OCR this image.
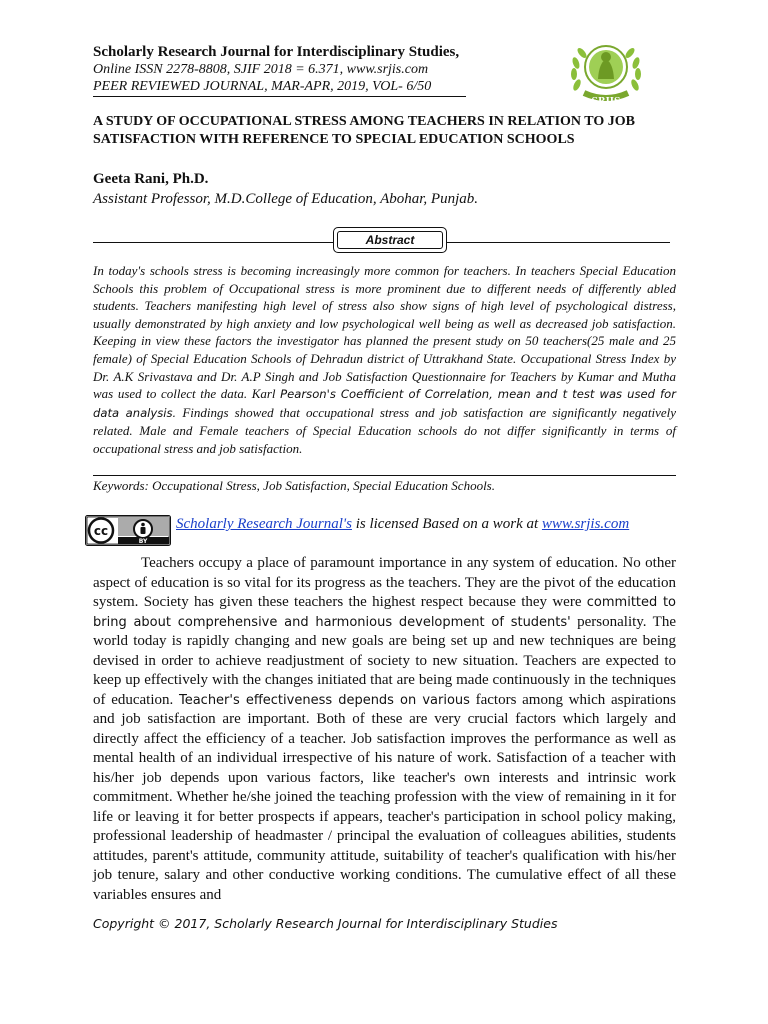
Scholarly Research Journal for Interdisciplinary Studies,
Online ISSN 2278-8808, SJIF 2018 = 6.371, www.srjis.com
PEER REVIEWED JOURNAL, MAR-APR, 2019, VOL- 6/50
SRJIS
A STUDY OF OCCUPATIONAL STRESS AMONG TEACHERS IN RELATION TO JOB SATISFACTION WITH REFERENCE TO SPECIAL EDUCATION SCHOOLS
Geeta Rani, Ph.D.
Assistant Professor, M.D.College of Education, Abohar, Punjab.
Abstract
In today's schools stress is becoming increasingly more common for teachers. In teachers Special Education Schools this problem of Occupational stress is more prominent due to different needs of differently abled students. Teachers manifesting high level of stress also show signs of high level of psychological distress, usually demonstrated by high anxiety and low psychological well being as well as decreased job satisfaction. Keeping in view these factors the investigator has planned the present study on 50 teachers(25 male and 25 female) of Special Education Schools of Dehradun district of Uttrakhand State. Occupational Stress Index by Dr. A.K Srivastava and Dr. A.P Singh and Job Satisfaction Questionnaire for Teachers by Kumar and Mutha was used to collect the data. Karl Pearson's Coefficient of Correlation, mean and t test was used for data analysis. Findings showed that occupational stress and job satisfaction are significantly negatively related. Male and Female teachers of Special Education schools do not differ significantly in terms of occupational stress and job satisfaction.
Keywords: Occupational Stress, Job Satisfaction, Special Education Schools.
cc
BY
Scholarly Research Journal's is licensed Based on a work at www.srjis.com
Teachers occupy a place of paramount importance in any system of education. No other aspect of education is so vital for its progress as the teachers. They are the pivot of the education system. Society has given these teachers the highest respect because they were committed to bring about comprehensive and harmonious development of students' personality. The world today is rapidly changing and new goals are being set up and new techniques are being devised in order to achieve readjustment of society to new situation. Teachers are expected to keep up effectively with the changes initiated that are being made continuously in the techniques of education. Teacher's effectiveness depends on various factors among which aspirations and job satisfaction are important. Both of these are very crucial factors which largely and directly affect the efficiency of a teacher. Job satisfaction improves the performance as well as mental health of an individual irrespective of his nature of work. Satisfaction of a teacher with his/her job depends upon various factors, like teacher's own interests and intrinsic work commitment. Whether he/she joined the teaching profession with the view of remaining in it for life or leaving it for better prospects if appears, teacher's participation in school policy making, professional leadership of headmaster / principal the evaluation of colleagues abilities, students attitudes, parent's attitude, community attitude, suitability of teacher's qualification with his/her job tenure, salary and other conductive working conditions. The cumulative effect of all these variables ensures and
Copyright © 2017, Scholarly Research Journal for Interdisciplinary Studies
